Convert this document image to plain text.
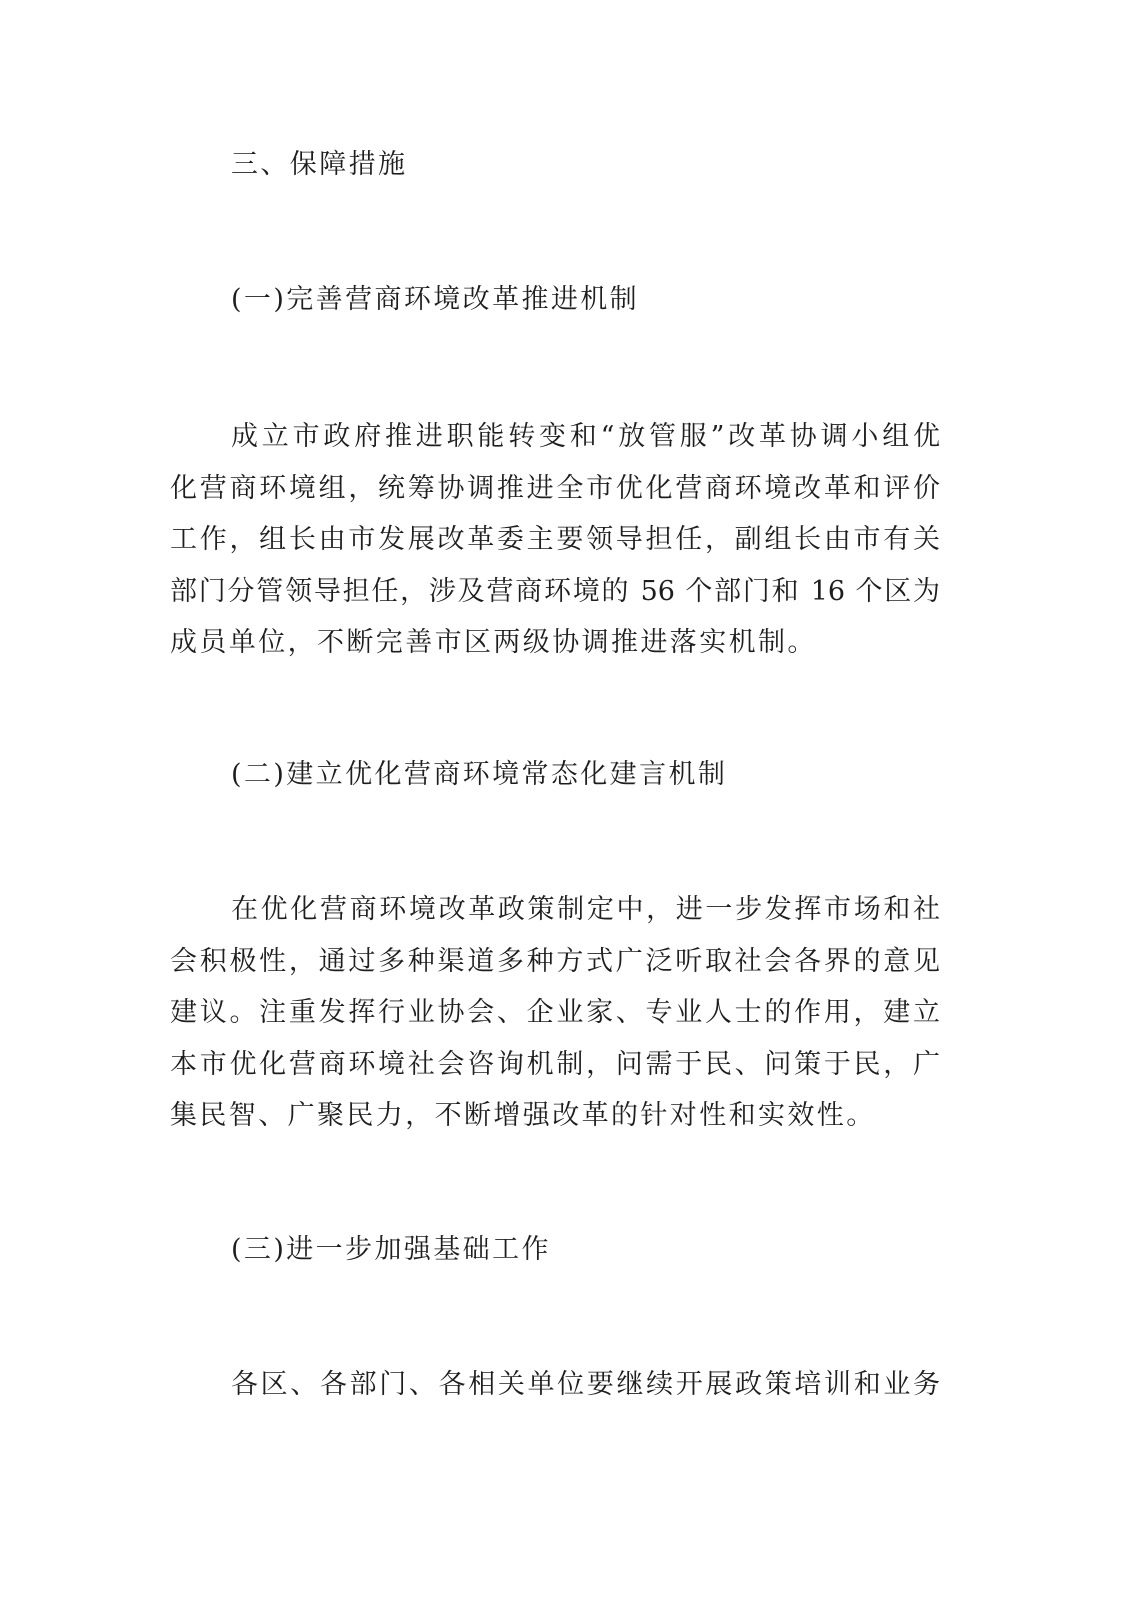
三、保障措施
(一)完善营商环境改革推进机制
成立市政府推进职能转变和“放管服”改革协调小组优
化营商环境组，统筹协调推进全市优化营商环境改革和评价
工作，组长由市发展改革委主要领导担任，副组长由市有关
部门分管领导担任，涉及营商环境的 56 个部门和 16 个区为
成员单位，不断完善市区两级协调推进落实机制。
(二)建立优化营商环境常态化建言机制
在优化营商环境改革政策制定中，进一步发挥市场和社
会积极性，通过多种渠道多种方式广泛听取社会各界的意见
建议。注重发挥行业协会、企业家、专业人士的作用，建立
本市优化营商环境社会咨询机制，问需于民、问策于民，广
集民智、广聚民力，不断增强改革的针对性和实效性。
(三)进一步加强基础工作
各区、各部门、各相关单位要继续开展政策培训和业务
